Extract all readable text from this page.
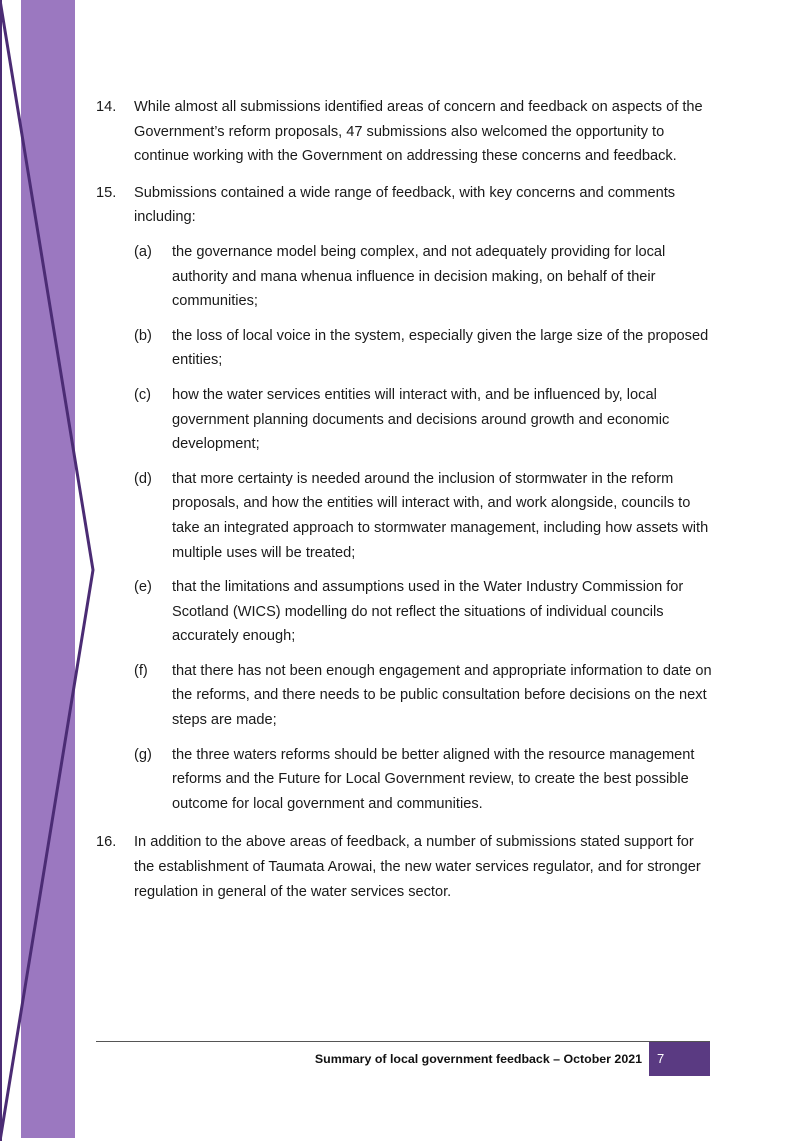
14. While almost all submissions identified areas of concern and feedback on aspects of the Government’s reform proposals, 47 submissions also welcomed the opportunity to continue working with the Government on addressing these concerns and feedback.
15. Submissions contained a wide range of feedback, with key concerns and comments including:
(a) the governance model being complex, and not adequately providing for local authority and mana whenua influence in decision making, on behalf of their communities;
(b) the loss of local voice in the system, especially given the large size of the proposed entities;
(c) how the water services entities will interact with, and be influenced by, local government planning documents and decisions around growth and economic development;
(d) that more certainty is needed around the inclusion of stormwater in the reform proposals, and how the entities will interact with, and work alongside, councils to take an integrated approach to stormwater management, including how assets with multiple uses will be treated;
(e) that the limitations and assumptions used in the Water Industry Commission for Scotland (WICS) modelling do not reflect the situations of individual councils accurately enough;
(f) that there has not been enough engagement and appropriate information to date on the reforms, and there needs to be public consultation before decisions on the next steps are made;
(g) the three waters reforms should be better aligned with the resource management reforms and the Future for Local Government review, to create the best possible outcome for local government and communities.
16. In addition to the above areas of feedback, a number of submissions stated support for the establishment of Taumata Arowai, the new water services regulator, and for stronger regulation in general of the water services sector.
Summary of local government feedback – October 2021 7
